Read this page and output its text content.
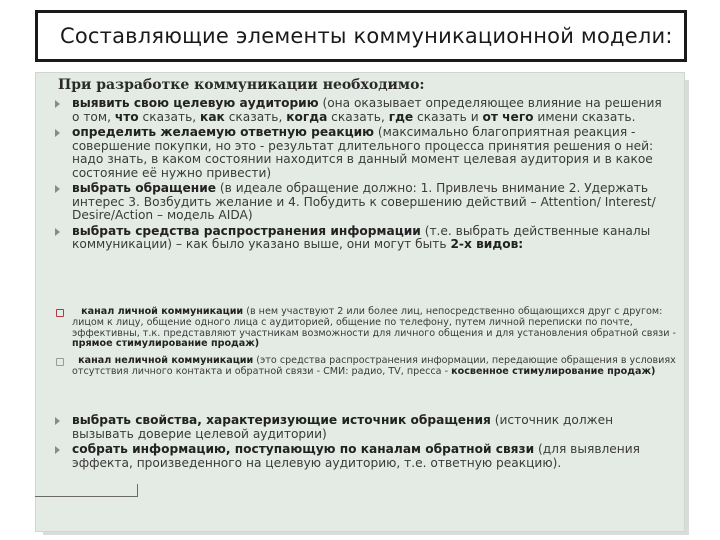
Составляющие элементы коммуникационной модели:
При разработке коммуникации необходимо:
выявить свою целевую аудиторию (она оказывает определяющее влияние на решения о том, что сказать, как сказать, когда сказать, где сказать и от чего имени сказать.
определить желаемую ответную реакцию (максимально благоприятная реакция - совершение покупки, но это - результат длительного процесса принятия решения о ней: надо знать, в каком состоянии находится в данный момент целевая аудитория и в какое состояние её нужно привести)
выбрать обращение (в идеале обращение должно: 1. Привлечь внимание 2. Удержать интерес 3. Возбудить желание и 4. Побудить к совершению действий – Attention/ Interest/ Desire/Action – модель AIDA)
выбрать средства распространения информации (т.е. выбрать действенные каналы коммуникации) – как было указано выше, они могут быть 2-х видов:
канал личной коммуникации (в нем участвуют 2 или более лиц, непосредственно общающихся друг с другом: лицом к лицу, общение одного лица с аудиторией, общение по телефону, путем личной переписки по почте, эффективны, т.к. представляют участникам возможности для личного общения и для установления обратной связи - прямое стимулирование продаж)
канал неличной коммуникации (это средства распространения информации, передающие обращения в условиях отсутствия личного контакта и обратной связи - СМИ: радио, TV, пресса - косвенное стимулирование продаж)
выбрать свойства, характеризующие источник обращения (источник должен вызывать доверие целевой аудитории)
собрать информацию, поступающую по каналам обратной связи (для выявления эффекта, произведенного на целевую аудиторию, т.е. ответную реакцию).
